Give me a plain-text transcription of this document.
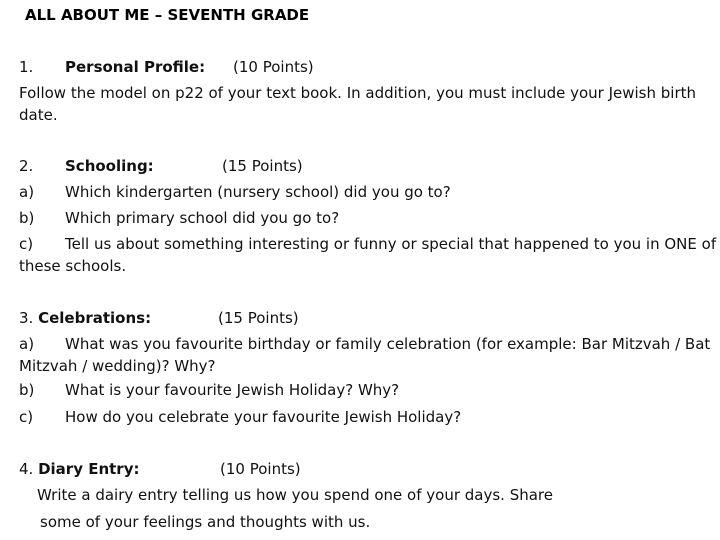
ALL ABOUT ME – SEVENTH GRADE
1. Personal Profile: (10 Points)
Follow the model on p22 of your text book. In addition, you must include your Jewish birth
date.
2. Schooling:	(15 Points)
a) Which kindergarten (nursery school) did you go to?
b) Which primary school did you go to?
c) Tell us about something interesting or funny or special that happened to you in ONE of
these schools.
3. Celebrations:	(15 Points)
a) What was you favourite birthday or family celebration (for example: Bar Mitzvah / Bat
Mitzvah / wedding)? Why?
b) What is your favourite Jewish Holiday? Why?
c) How do you celebrate your favourite Jewish Holiday?
4. Diary Entry:	(10 Points)
Write a dairy entry telling us how you spend one of your days. Share
some of your feelings and thoughts with us.
